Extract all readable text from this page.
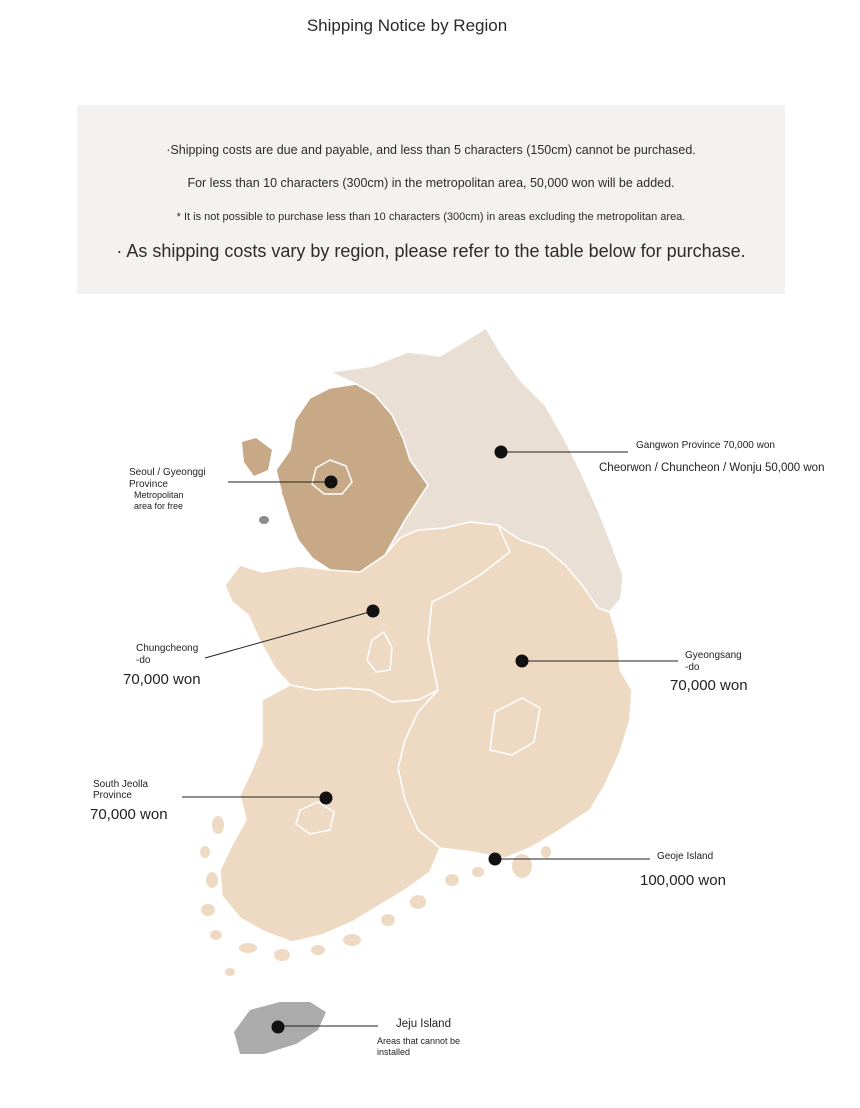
Shipping Notice by Region
·Shipping costs are due and payable, and less than 5 characters (150cm) cannot be purchased.
For less than 10 characters (300cm) in the metropolitan area, 50,000 won will be added.
* It is not possible to purchase less than 10 characters (300cm) in areas excluding the metropolitan area.
· As shipping costs vary by region, please refer to the table below for purchase.
Seoul / Gyeonggi
Province
Metropolitan
area for free
Gangwon Province 70,000 won
Cheorwon / Chuncheon / Wonju 50,000 won
Chungcheong
-do
70,000 won
Gyeongsang
-do
70,000 won
South Jeolla
Province
70,000 won
Geoje Island
100,000 won
Jeju Island
Areas that cannot be
installed
